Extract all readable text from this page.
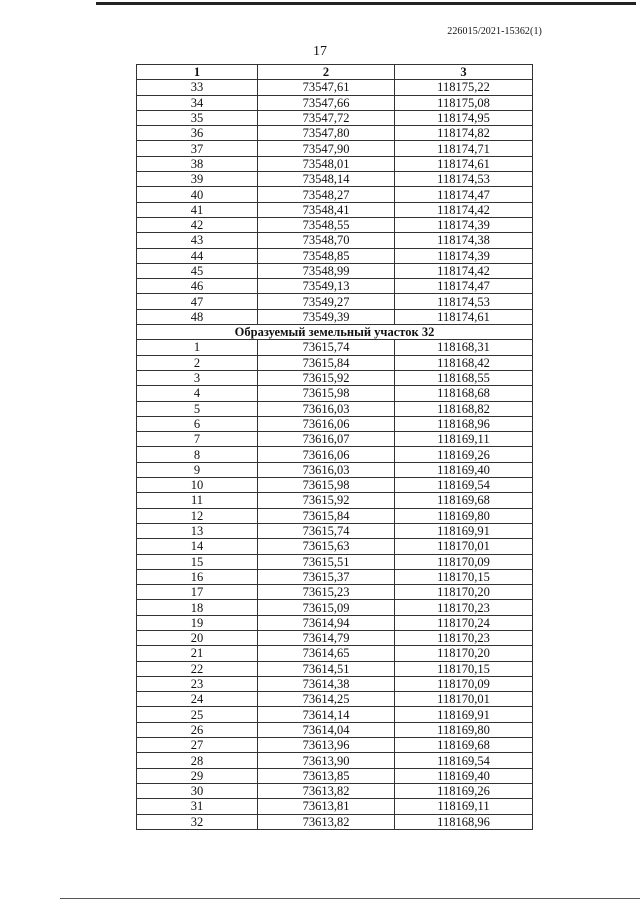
226015/2021-15362(1)
17
1	2	3
33	73547,61	118175,22
34	73547,66	118175,08
35	73547,72	118174,95
36	73547,80	118174,82
37	73547,90	118174,71
38	73548,01	118174,61
39	73548,14	118174,53
40	73548,27	118174,47
41	73548,41	118174,42
42	73548,55	118174,39
43	73548,70	118174,38
44	73548,85	118174,39
45	73548,99	118174,42
46	73549,13	118174,47
47	73549,27	118174,53
48	73549,39	118174,61
Образуемый земельный участок 32		
1	73615,74	118168,31
2	73615,84	118168,42
3	73615,92	118168,55
4	73615,98	118168,68
5	73616,03	118168,82
6	73616,06	118168,96
7	73616,07	118169,11
8	73616,06	118169,26
9	73616,03	118169,40
10	73615,98	118169,54
11	73615,92	118169,68
12	73615,84	118169,80
13	73615,74	118169,91
14	73615,63	118170,01
15	73615,51	118170,09
16	73615,37	118170,15
17	73615,23	118170,20
18	73615,09	118170,23
19	73614,94	118170,24
20	73614,79	118170,23
21	73614,65	118170,20
22	73614,51	118170,15
23	73614,38	118170,09
24	73614,25	118170,01
25	73614,14	118169,91
26	73614,04	118169,80
27	73613,96	118169,68
28	73613,90	118169,54
29	73613,85	118169,40
30	73613,82	118169,26
31	73613,81	118169,11
32	73613,82	118168,96
